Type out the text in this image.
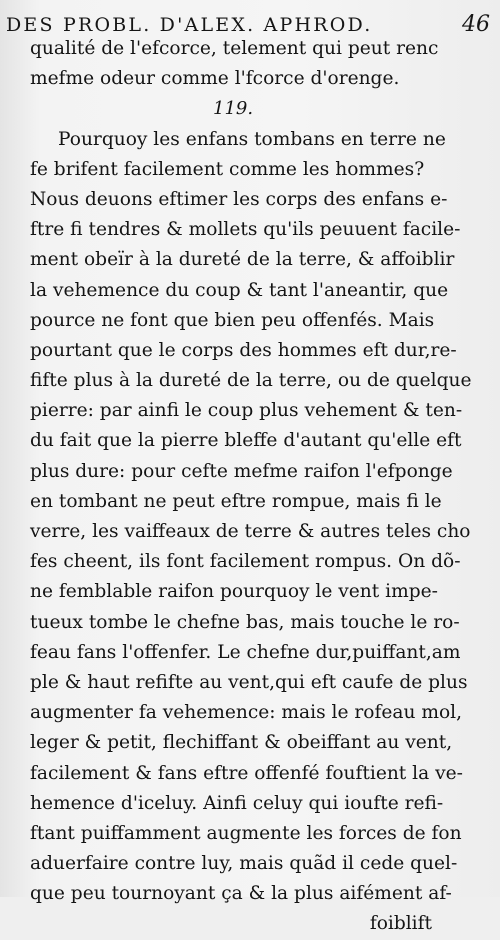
DES PROBL. D'ALEX. APHROD.	46
qualité de l'efcorce, telement qui peut renc
mefme odeur comme l'fcorce d'orenge.
119.
Pourquoy les enfans tombans en terre ne
fe brifent facilement comme les hommes?
Nous deuons eftimer les corps des enfans e-
ftre fi tendres & mollets qu'ils peuuent facile-
ment obeïr à la dureté de la terre, & affoiblir
la vehemence du coup & tant l'aneantir, que
pource ne font que bien peu offenfés. Mais
pourtant que le corps des hommes eft dur,re-
fifte plus à la dureté de la terre, ou de quelque
pierre: par ainfi le coup plus vehement & ten-
du fait que la pierre bleffe d'autant qu'elle eft
plus dure: pour cefte mefme raifon l'efponge
en tombant ne peut eftre rompue, mais fi le
verre, les vaiffeaux de terre & autres teles cho
fes cheent, ils font facilement rompus. On dõ-
ne femblable raifon pourquoy le vent impe-
tueux tombe le chefne bas, mais touche le ro-
feau fans l'offenfer. Le chefne dur,puiffant,am
ple & haut refifte au vent,qui eft caufe de plus
augmenter fa vehemence: mais le rofeau mol,
leger & petit, flechiffant & obeiffant au vent,
facilement & fans eftre offenfé fouftient la ve-
hemence d'iceluy. Ainfi celuy qui ioufte refi-
ftant puiffamment augmente les forces de fon
aduerfaire contre luy, mais quãd il cede quel-
que peu tournoyant ça & la plus aifément af-
foiblift
